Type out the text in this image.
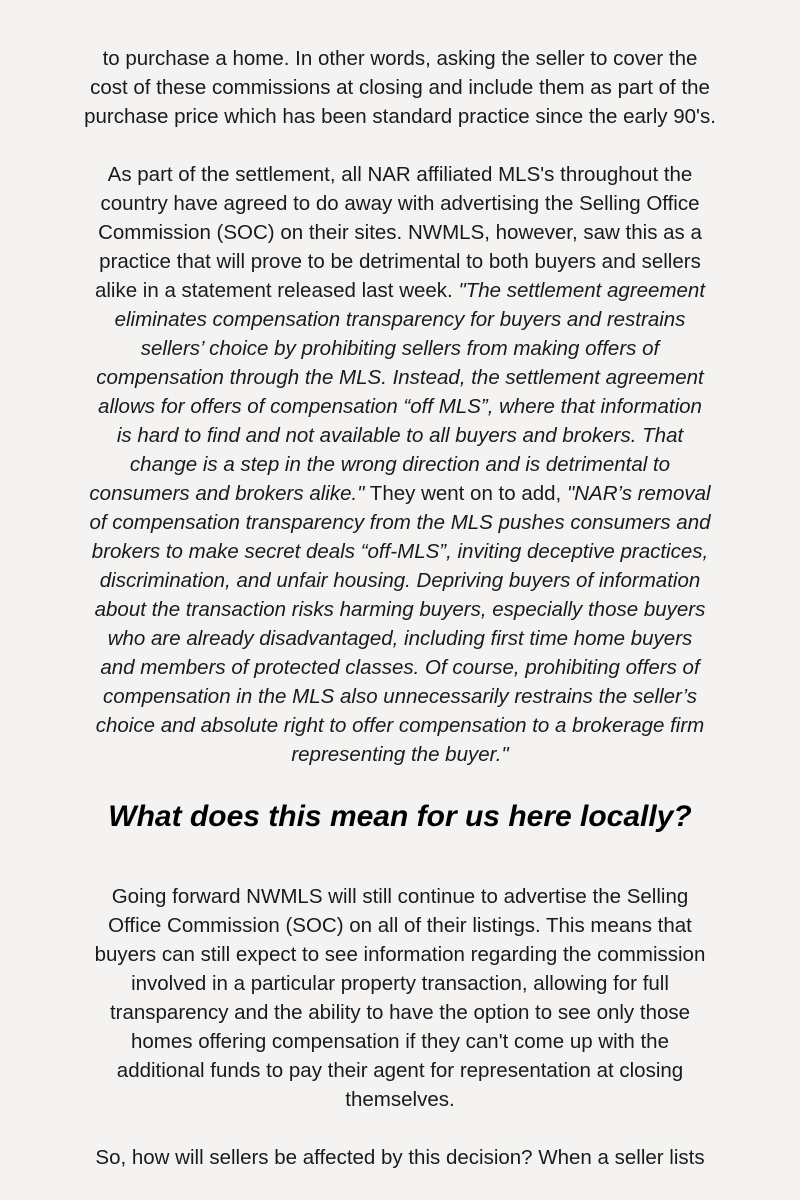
to purchase a home. In other words, asking the seller to cover the
cost of these commissions at closing and include them as part of the
purchase price which has been standard practice since the early 90's.
As part of the settlement, all NAR affiliated MLS's throughout the
country have agreed to do away with advertising the Selling Office
Commission (SOC) on their sites. NWMLS, however, saw this as a
practice that will prove to be detrimental to both buyers and sellers
alike in a statement released last week. "The settlement agreement
eliminates compensation transparency for buyers and restrains
sellers’ choice by prohibiting sellers from making offers of
compensation through the MLS. Instead, the settlement agreement
allows for offers of compensation “off MLS”, where that information
is hard to find and not available to all buyers and brokers. That
change is a step in the wrong direction and is detrimental to
consumers and brokers alike." They went on to add, "NAR’s removal
of compensation transparency from the MLS pushes consumers and
brokers to make secret deals “off-MLS”, inviting deceptive practices,
discrimination, and unfair housing. Depriving buyers of information
about the transaction risks harming buyers, especially those buyers
who are already disadvantaged, including first time home buyers
and members of protected classes. Of course, prohibiting offers of
compensation in the MLS also unnecessarily restrains the seller’s
choice and absolute right to offer compensation to a brokerage firm
representing the buyer."
What does this mean for us here locally?
Going forward NWMLS will still continue to advertise the Selling
Office Commission (SOC) on all of their listings. This means that
buyers can still expect to see information regarding the commission
involved in a particular property transaction, allowing for full
transparency and the ability to have the option to see only those
homes offering compensation if they can't come up with the
additional funds to pay their agent for representation at closing
themselves.
So, how will sellers be affected by this decision? When a seller lists
